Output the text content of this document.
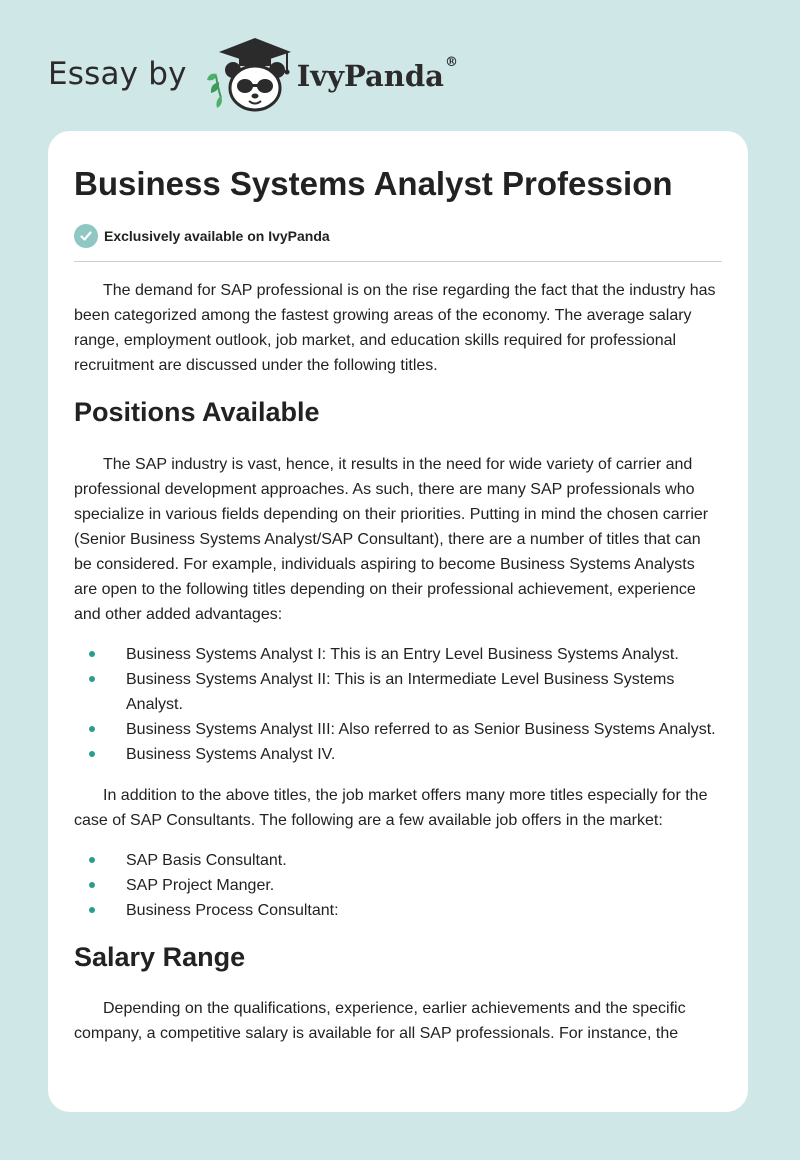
Essay by	IvyPanda®
Business Systems Analyst Profession
Exclusively available on IvyPanda

The demand for SAP professional is on the rise regarding the fact that the industry has been categorized among the fastest growing areas of the economy. The average salary range, employment outlook, job market, and education skills required for professional recruitment are discussed under the following titles.

Positions Available

The SAP industry is vast, hence, it results in the need for wide variety of carrier and professional development approaches. As such, there are many SAP professionals who specialize in various fields depending on their priorities. Putting in mind the chosen carrier (Senior Business Systems Analyst/SAP Consultant), there are a number of titles that can be considered. For example, individuals aspiring to become Business Systems Analysts are open to the following titles depending on their professional achievement, experience and other added advantages:

Business Systems Analyst I: This is an Entry Level Business Systems Analyst.
Business Systems Analyst II: This is an Intermediate Level Business Systems Analyst.
Business Systems Analyst III: Also referred to as Senior Business Systems Analyst.
Business Systems Analyst IV.

In addition to the above titles, the job market offers many more titles especially for the case of SAP Consultants. The following are a few available job offers in the market:

SAP Basis Consultant.
SAP Project Manger.
Business Process Consultant:
Salary Range

Depending on the qualifications, experience, earlier achievements and the specific company, a competitive salary is available for all SAP professionals. For instance, the
